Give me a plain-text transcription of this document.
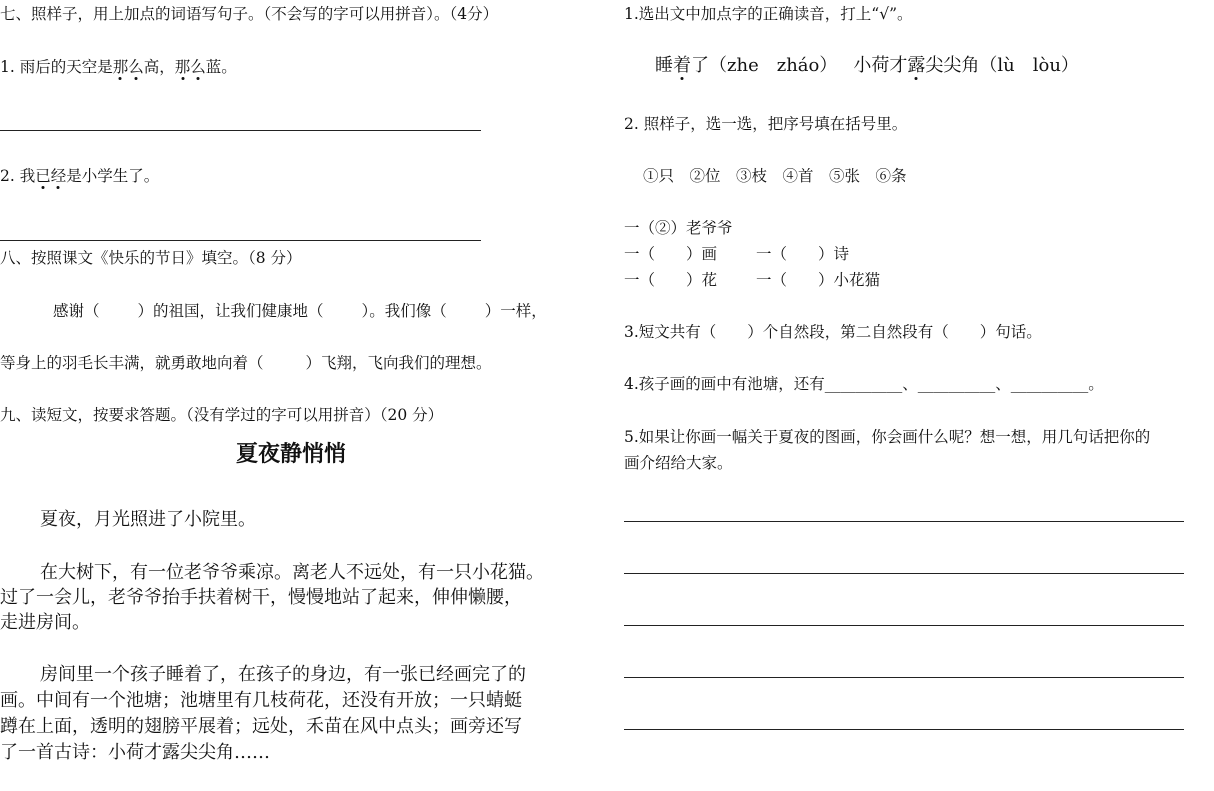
七、照样子，用上加点的词语写句子。（不会写的字可以用拼音）。（4分）
1. 雨后的天空是那么高，那么蓝。
2. 我已经是小学生了。
八、按照课文《快乐的节日》填空。（8 分）
感谢（ ）的祖国，让我们健康地（ ）。我们像（ ）一样，
等身上的羽毛长丰满，就勇敢地向着（	）飞翔，飞向我们的理想。
九、读短文，按要求答题。（没有学过的字可以用拼音）（20 分）
夏夜静悄悄
夏夜，月光照进了小院里。
在大树下，有一位老爷爷乘凉。离老人不远处，有一只小花猫。
过了一会儿，老爷爷抬手扶着树干，慢慢地站了起来，伸伸懒腰，
走进房间。
房间里一个孩子睡着了，在孩子的身边，有一张已经画完了的
画。中间有一个池塘；池塘里有几枝荷花，还没有开放；一只蜻蜓
蹲在上面，透明的翅膀平展着；远处，禾苗在风中点头；画旁还写
了一首古诗：小荷才露尖尖角……
1.选出文中加点字的正确读音，打上“√”。
睡着了（zhe　zháo） 小荷才露尖尖角（lù　lòu）
2. 照样子，选一选，把序号填在括号里。
①只　②位　③枝　④首　⑤张　⑥条
一（②）老爷爷
一（　　）画	一（　　）诗
一（　　）花	一（　　）小花猫
3.短文共有（　　）个自然段，第二自然段有（　　）句话。
4.孩子画的画中有池塘，还有__________、__________、__________。
5.如果让你画一幅关于夏夜的图画，你会画什么呢？想一想，用几句话把你的
画介绍给大家。
